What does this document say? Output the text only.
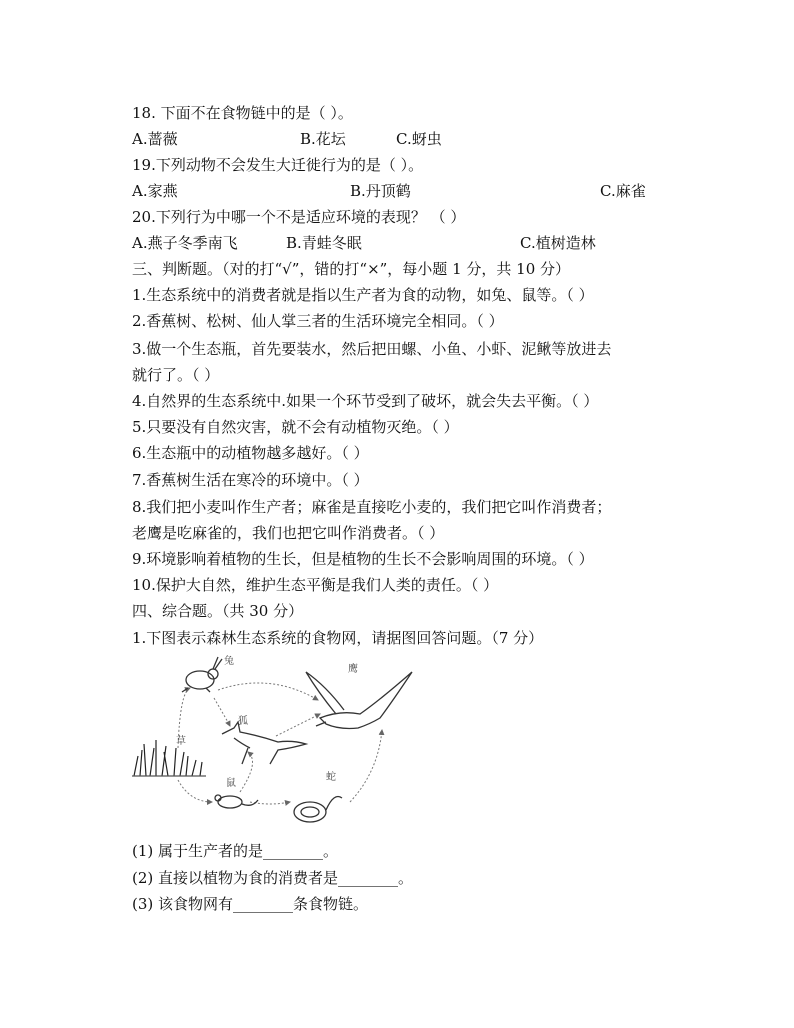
18. 下面不在食物链中的是（ ）。
A.蔷薇	B.花坛	C.蚜虫
19.下列动物不会发生大迁徙行为的是（ ）。
A.家燕	B.丹顶鹤	C.麻雀
20.下列行为中哪一个不是适应环境的表现？ （ ）
A.燕子冬季南飞	B.青蛙冬眠	C.植树造林
三、判断题。（对的打“√”，错的打“×”，每小题 1 分，共 10 分）
1.生态系统中的消费者就是指以生产者为食的动物，如兔、鼠等。（ ）
2.香蕉树、松树、仙人掌三者的生活环境完全相同。（ ）
3.做一个生态瓶，首先要装水，然后把田螺、小鱼、小虾、泥鳅等放进去
就行了。（ ）
4.自然界的生态系统中.如果一个环节受到了破坏，就会失去平衡。（ ）
5.只要没有自然灾害，就不会有动植物灭绝。（ ）
6.生态瓶中的动植物越多越好。（ ）
7.香蕉树生活在寒冷的环境中。（ ）
8.我们把小麦叫作生产者；麻雀是直接吃小麦的，我们把它叫作消费者；
老鹰是吃麻雀的，我们也把它叫作消费者。（ ）
9.环境影响着植物的生长，但是植物的生长不会影响周围的环境。（ ）
10.保护大自然，维护生态平衡是我们人类的责任。（ ）
四、综合题。（共 30 分）
1.下图表示森林生态系统的食物网，请据图回答问题。（7 分）
兔
鹰
狐
草
鼠
蛇
(1) 属于生产者的是________。
(2) 直接以植物为食的消费者是________。
(3) 该食物网有________条食物链。
